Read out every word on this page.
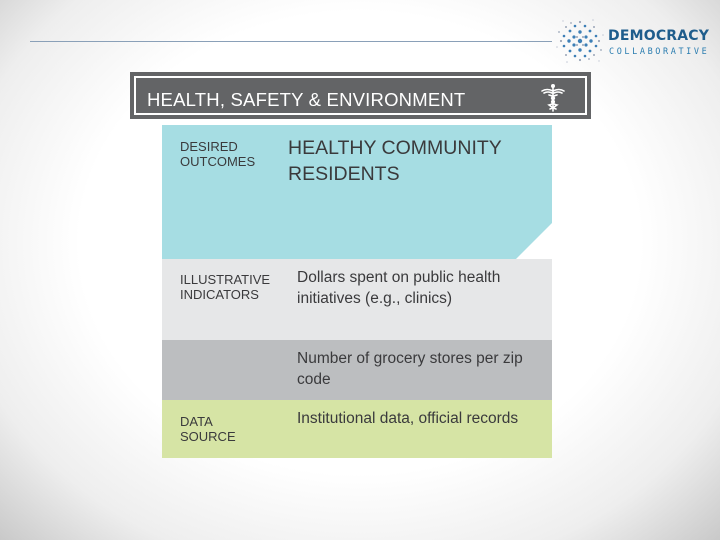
DEMOCRACY
COLLABORATIVE
HEALTH, SAFETY & ENVIRONMENT
DESIRED
OUTCOMES
HEALTHY COMMUNITY RESIDENTS
ILLUSTRATIVE
INDICATORS
Dollars spent on public health initiatives (e.g., clinics)
Number of grocery stores per zip code
DATA
SOURCE
Institutional data, official records
